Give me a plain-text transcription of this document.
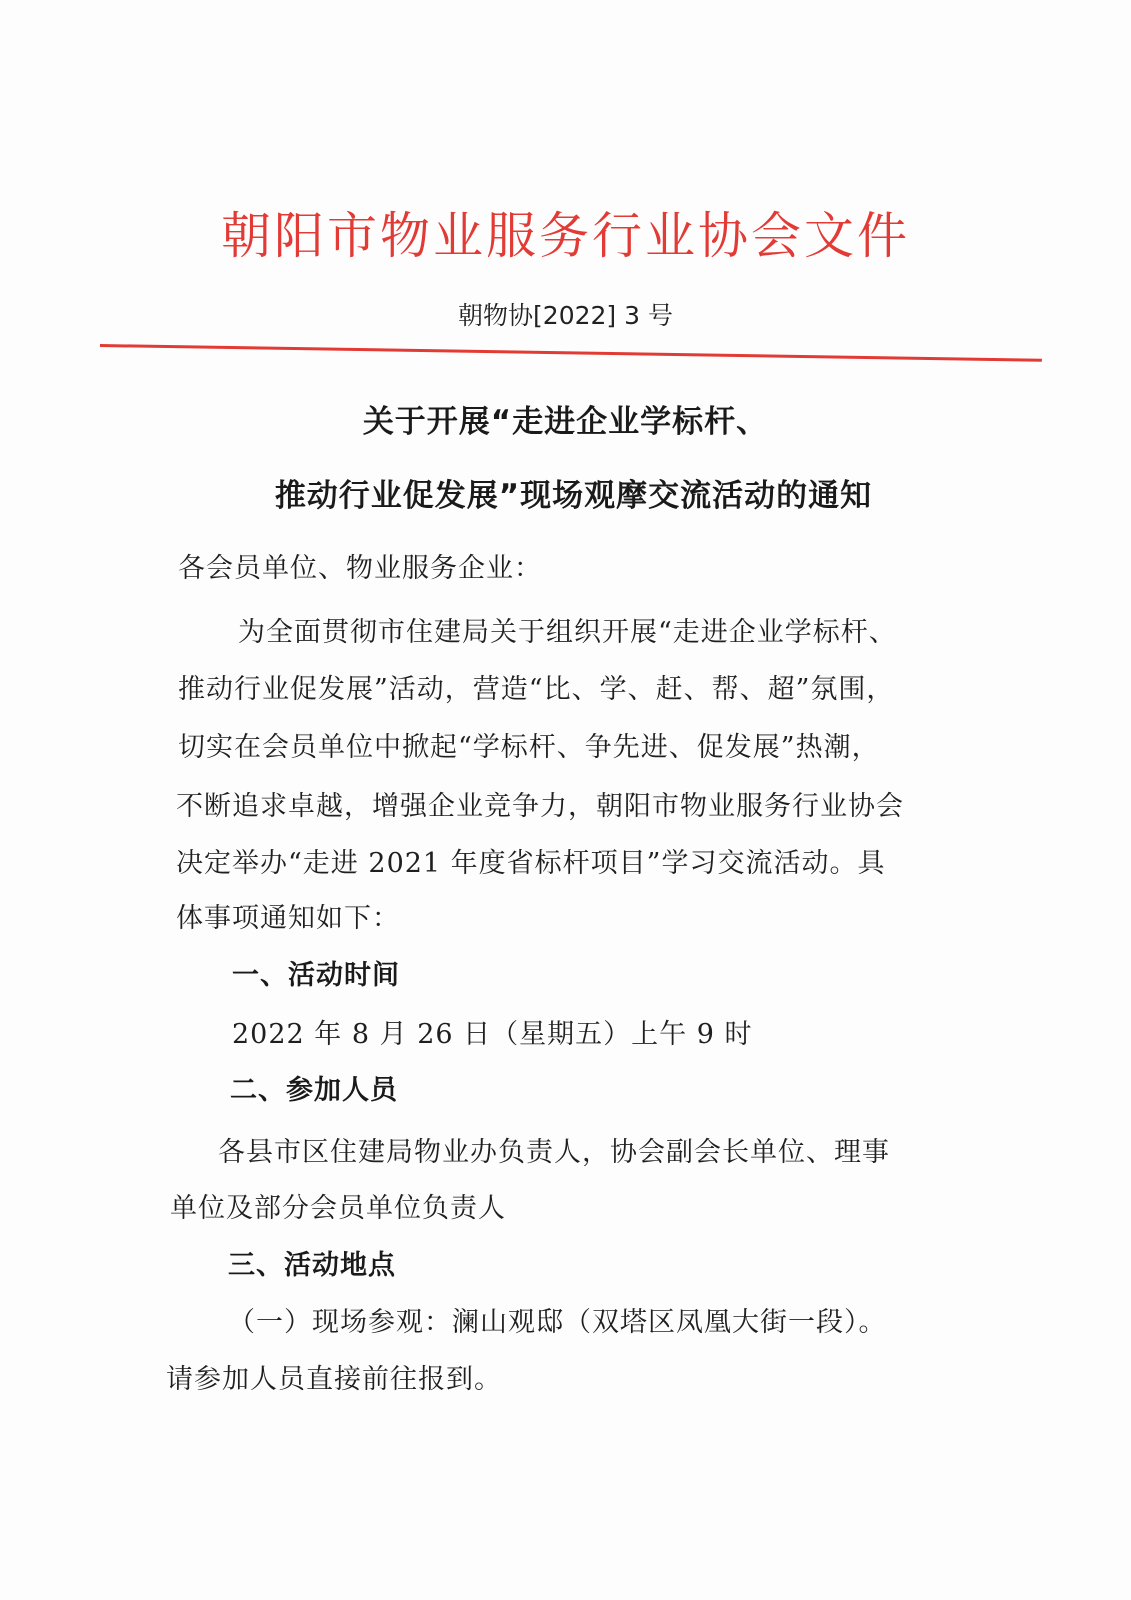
朝阳市物业服务行业协会文件
朝物协[2022] 3 号
关于开展“走进企业学标杆、
推动行业促发展”现场观摩交流活动的通知
各会员单位、物业服务企业：
为全面贯彻市住建局关于组织开展“走进企业学标杆、
推动行业促发展”活动，营造“比、学、赶、帮、超”氛围，
切实在会员单位中掀起“学标杆、争先进、促发展”热潮，
不断追求卓越，增强企业竞争力，朝阳市物业服务行业协会
决定举办“走进 2021 年度省标杆项目”学习交流活动。具
体事项通知如下：
一、活动时间
2022 年 8 月 26 日（星期五）上午 9 时
二、参加人员
各县市区住建局物业办负责人，协会副会长单位、理事
单位及部分会员单位负责人
三、活动地点
（一）现场参观：澜山观邸（双塔区凤凰大街一段）。
请参加人员直接前往报到。
